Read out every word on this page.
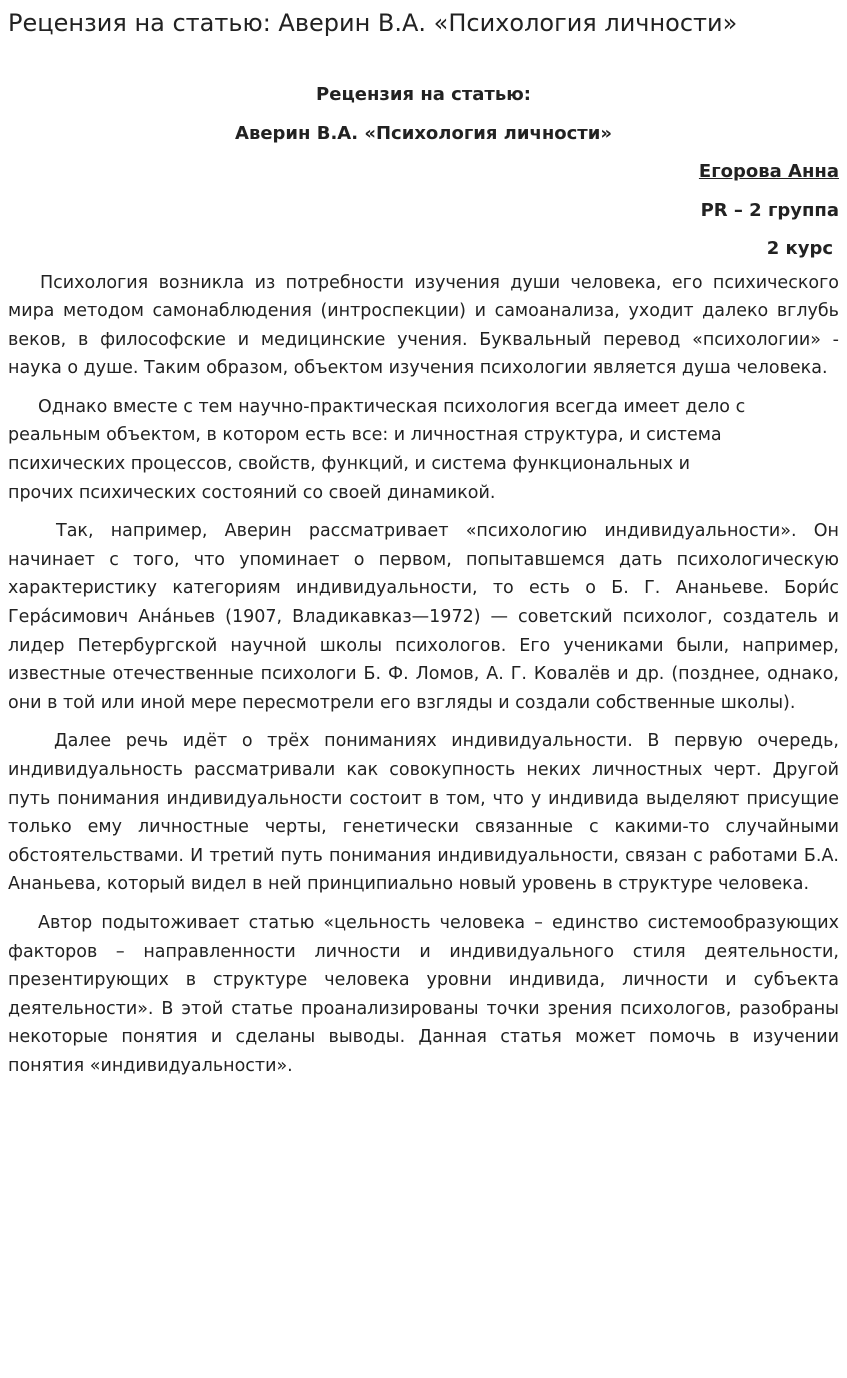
Рецензия на статью: Аверин В.А. «Психология личности»
Рецензия на статью:
Аверин В.А. «Психология личности»
Егорова Анна
PR – 2 группа
2 курс

Психология возникла из потребности изучения души человека, его психического мира методом самонаблюдения (интроспекции) и самоанализа, уходит далеко вглубь веков, в философские и медицинские учения. Буквальный перевод «психологии» - наука о душе. Таким образом, объектом изучения психологии является душа человека.

Однако вместе с тем научно-практическая психология всегда имеет дело с реальным объектом, в котором есть все: и личностная структура, и система психических процессов, свойств, функций, и система функциональных и прочих психических состояний со своей динамикой.

Так, например, Аверин рассматривает «психологию индивидуальности». Он начинает с того, что упоминает о первом, попытавшемся дать психологическую характеристику категориям индивидуальности, то есть о Б. Г. Ананьеве. Бори́с Гера́симович Ана́ньев (1907, Владикавказ—1972) — советский психолог, создатель и лидер Петербургской научной школы психологов. Его учениками были, например, известные отечественные психологи Б. Ф. Ломов, А. Г. Ковалёв и др. (позднее, однако, они в той или иной мере пересмотрели его взгляды и создали собственные школы).

Далее речь идёт о трёх пониманиях индивидуальности. В первую очередь, индивидуальность рассматривали как совокупность неких личностных черт. Другой путь понимания индивидуальности состоит в том, что у индивида выделяют присущие только ему личностные черты, генетически связанные с какими-то случайными обстоятельствами. И третий путь понимания индивидуальности, связан с работами Б.А. Ананьева, который видел в ней принципиально новый уровень в структуре человека.

Автор подытоживает статью «цельность человека – единство системообразующих факторов – направленности личности и индивидуального стиля деятельности, презентирующих в структуре человека уровни индивида, личности и субъекта деятельности». В этой статье проанализированы точки зрения психологов, разобраны некоторые понятия и сделаны выводы. Данная статья может помочь в изучении понятия «индивидуальности».
